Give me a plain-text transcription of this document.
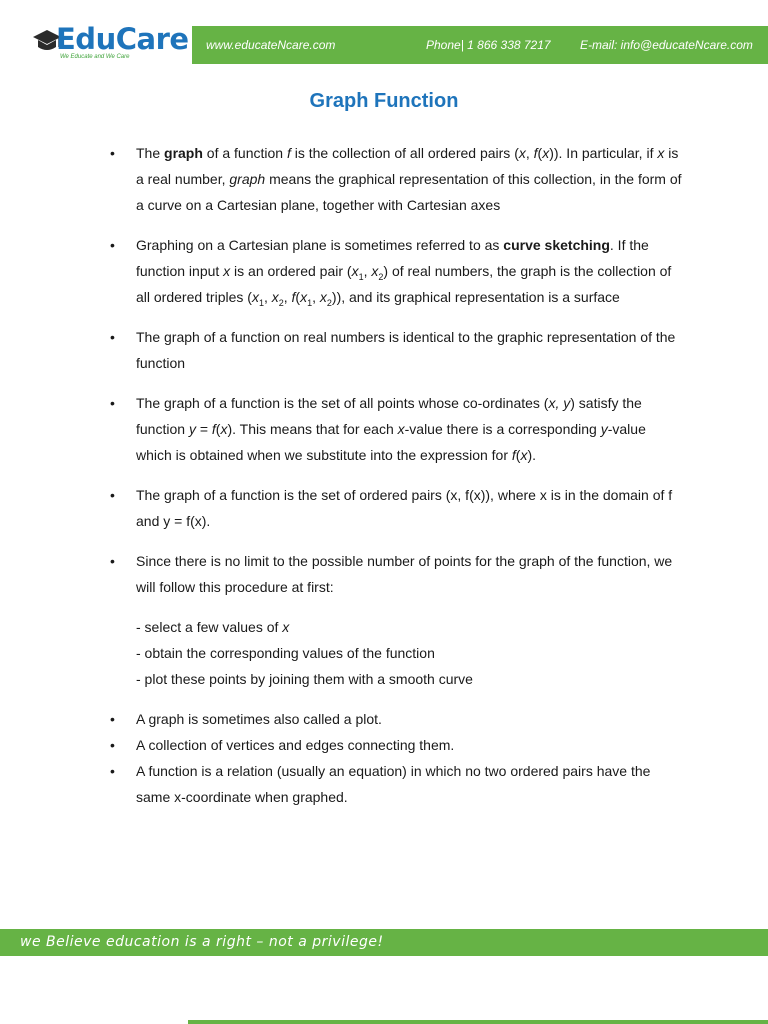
EduCare
We Educate and We Care
www.educateNcare.com	Phone| 1 866 338 7217 E-mail: info@educateNcare.com
Graph Function
• The graph of a function f is the collection of all ordered pairs (x, f(x)). In particular, if x is a real number, graph means the graphical representation of this collection, in the form of a curve on a Cartesian plane, together with Cartesian axes
• Graphing on a Cartesian plane is sometimes referred to as curve sketching. If the function input x is an ordered pair ($x_1$, $x_2$) of real numbers, the graph is the collection of all ordered triples ($x_1$, $x_2$, $f(x_1$, $x_2$)), and its graphical representation is a surface
• The graph of a function on real numbers is identical to the graphic representation of the function
• The graph of a function is the set of all points whose co-ordinates (x, y) satisfy the function y = f(x). This means that for each x-value there is a corresponding y-value which is obtained when we substitute into the expression for f(x).
• The graph of a function is the set of ordered pairs (x, f(x)), where x is in the domain of f and y = f(x).
• Since there is no limit to the possible number of points for the graph of the function, we will follow this procedure at first:
- select a few values of x
- obtain the corresponding values of the function
- plot these points by joining them with a smooth curve
• A graph is sometimes also called a plot.
• A collection of vertices and edges connecting them.
• A function is a relation (usually an equation) in which no two ordered pairs have the same x-coordinate when graphed.
we Believe education is a right – not a privilege!
